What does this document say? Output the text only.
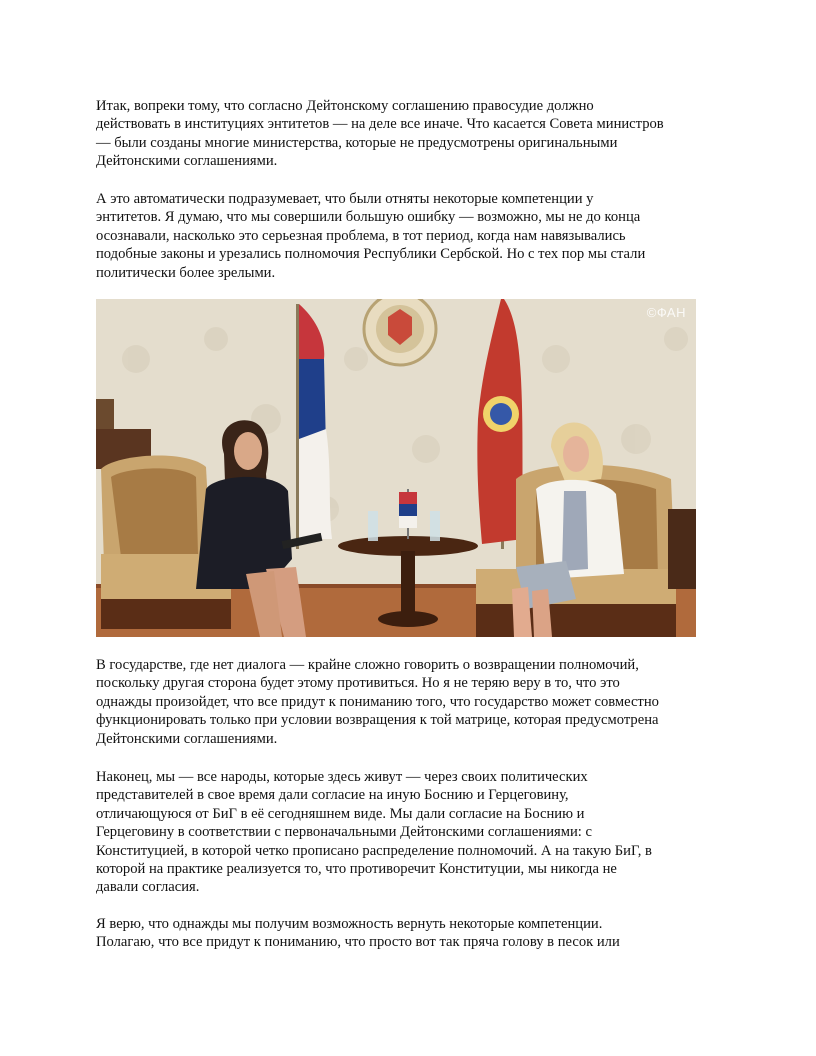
Итак, вопреки тому, что согласно Дейтонскому соглашению правосудие должно
действовать в институциях энтитетов — на деле все иначе. Что касается Совета министров
— были созданы многие министерства, которые не предусмотрены оригинальными
Дейтонскими соглашениями.
А это автоматически подразумевает, что были отняты некоторые компетенции у
энтитетов. Я думаю, что мы совершили большую ошибку — возможно, мы не до конца
осознавали, насколько это серьезная проблема, в тот период, когда нам навязывались
подобные законы и урезались полномочия Республики Сербской. Но с тех пор мы стали
политически более зрелыми.
©ФАН
В государстве, где нет диалога — крайне сложно говорить о возвращении полномочий,
поскольку другая сторона будет этому противиться. Но я не теряю веру в то, что это
однажды произойдет, что все придут к пониманию того, что государство может совместно
функционировать только при условии возвращения к той матрице, которая предусмотрена
Дейтонскими соглашениями.
Наконец, мы — все народы, которые здесь живут — через своих политических
представителей в свое время дали согласие на иную Боснию и Герцеговину,
отличающуюся от БиГ в её сегодняшнем виде. Мы дали согласие на Боснию и
Герцеговину в соответствии с первоначальными Дейтонскими соглашениями: с
Конституцией, в которой четко прописано распределение полномочий. А на такую БиГ, в
которой на практике реализуется то, что противоречит Конституции, мы никогда не
давали согласия.
Я верю, что однажды мы получим возможность вернуть некоторые компетенции.
Полагаю, что все придут к пониманию, что просто вот так пряча голову в песок или
